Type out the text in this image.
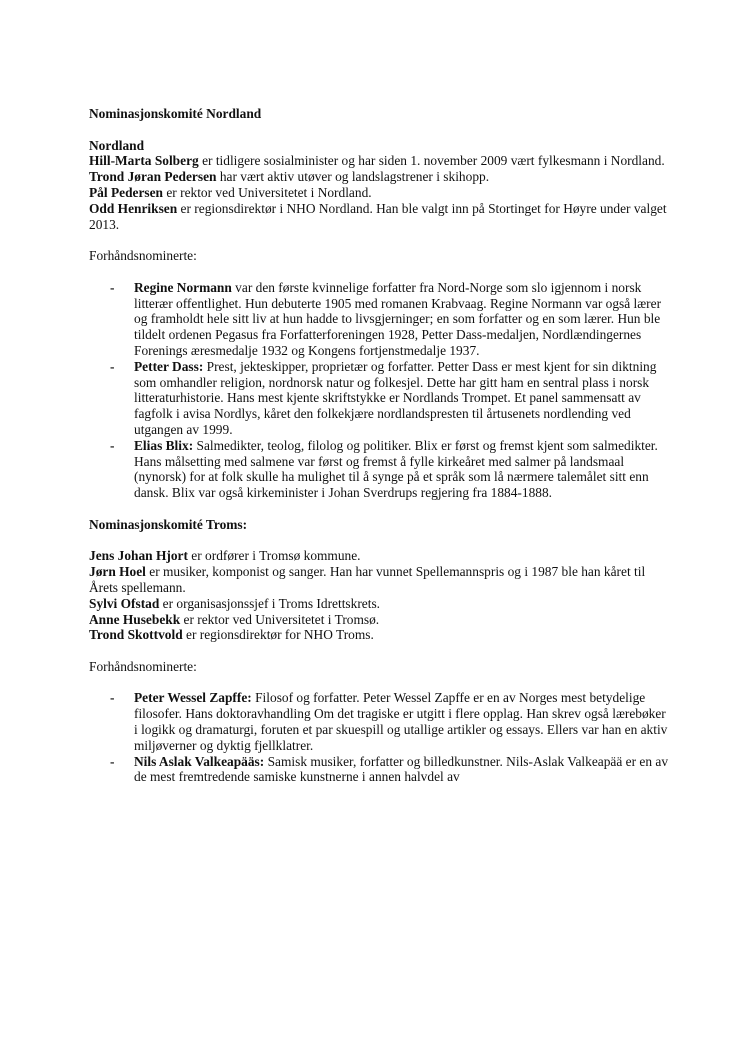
Nominasjonskomité Nordland

Nordland

Hill-Marta Solberg er tidligere sosialminister og har siden 1. november 2009 vært fylkesmann i Nordland.

Trond Jøran Pedersen har vært aktiv utøver og landslagstrener i skihopp.

Pål Pedersen er rektor ved Universitetet i Nordland.

Odd Henriksen er regionsdirektør i NHO Nordland. Han ble valgt inn på Stortinget for Høyre under valget 2013.

Forhåndsnominerte:

- Regine Normann var den første kvinnelige forfatter fra Nord-Norge som slo igjennom i norsk litterær offentlighet. Hun debuterte 1905 med romanen Krabvaag. Regine Normann var også lærer og framholdt hele sitt liv at hun hadde to livsgjerninger; en som forfatter og en som lærer. Hun ble tildelt ordenen Pegasus fra Forfatterforeningen 1928, Petter Dass-medaljen, Nordlændingernes Forenings æresmedalje 1932 og Kongens fortjenstmedalje 1937.
- Petter Dass: Prest, jekteskipper, proprietær og forfatter. Petter Dass er mest kjent for sin diktning som omhandler religion, nordnorsk natur og folkesjel. Dette har gitt ham en sentral plass i norsk litteraturhistorie. Hans mest kjente skriftstykke er Nordlands Trompet. Et panel sammensatt av fagfolk i avisa Nordlys, kåret den folkekjære nordlandspresten til årtusenets nordlending ved utgangen av 1999.
- Elias Blix: Salmedikter, teolog, filolog og politiker. Blix er først og fremst kjent som salmedikter. Hans målsetting med salmene var først og fremst å fylle kirkeåret med salmer på landsmaal (nynorsk) for at folk skulle ha mulighet til å synge på et språk som lå nærmere talemålet sitt enn dansk. Blix var også kirkeminister i Johan Sverdrups regjering fra 1884-1888.

Nominasjonskomité Troms:

Jens Johan Hjort er ordfører i Tromsø kommune.

Jørn Hoel er musiker, komponist og sanger. Han har vunnet Spellemannspris og i 1987 ble han kåret til Årets spellemann.

Sylvi Ofstad er organisasjonssjef i Troms Idrettskrets.

Anne Husebekk er rektor ved Universitetet i Tromsø.

Trond Skottvold er regionsdirektør for NHO Troms.

Forhåndsnominerte:

- Peter Wessel Zapffe: Filosof og forfatter. Peter Wessel Zapffe er en av Norges mest betydelige filosofer. Hans doktoravhandling Om det tragiske er utgitt i flere opplag. Han skrev også lærebøker i logikk og dramaturgi, foruten et par skuespill og utallige artikler og essays. Ellers var han en aktiv miljøverner og dyktig fjellklatrer.
- Nils Aslak Valkeapääs: Samisk musiker, forfatter og billedkunstner. Nils-Aslak Valkeapää er en av de mest fremtredende samiske kunstnerne i annen halvdel av
